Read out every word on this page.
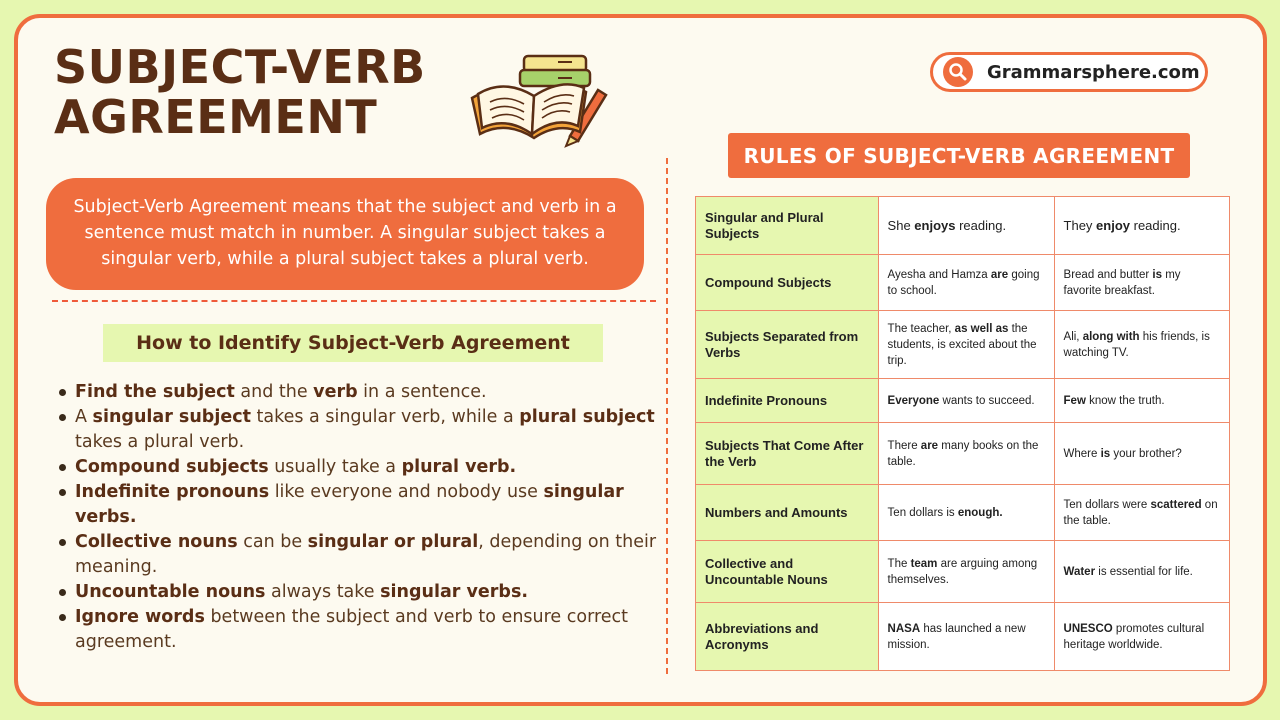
SUBJECT-VERB
AGREEMENT
Grammarsphere.com
Subject-Verb Agreement means that the subject and verb in a sentence must match in number. A singular subject takes a singular verb, while a plural subject takes a plural verb.
How to Identify Subject-Verb Agreement
Find the subject and the verb in a sentence.
A singular subject takes a singular verb, while a plural subject takes a plural verb.
Compound subjects usually take a plural verb.
Indefinite pronouns like everyone and nobody use singular verbs.
Collective nouns can be singular or plural, depending on their meaning.
Uncountable nouns always take singular verbs.
Ignore words between the subject and verb to ensure correct agreement.
RULES OF SUBJECT-VERB AGREEMENT
Singular and Plural Subjects	She enjoys reading.	They enjoy reading.
Compound Subjects	Ayesha and Hamza are going to school.	Bread and butter is my favorite breakfast.
Subjects Separated from Verbs	The teacher, as well as the students, is excited about the trip.	Ali, along with his friends, is watching TV.
Indefinite Pronouns	Everyone wants to succeed.	Few know the truth.
Subjects That Come After the Verb	There are many books on the table.	Where is your brother?
Numbers and Amounts	Ten dollars is enough.	Ten dollars were scattered on the table.
Collective and Uncountable Nouns	The team are arguing among themselves.	Water is essential for life.
Abbreviations and Acronyms	NASA has launched a new mission.	UNESCO promotes cultural heritage worldwide.
